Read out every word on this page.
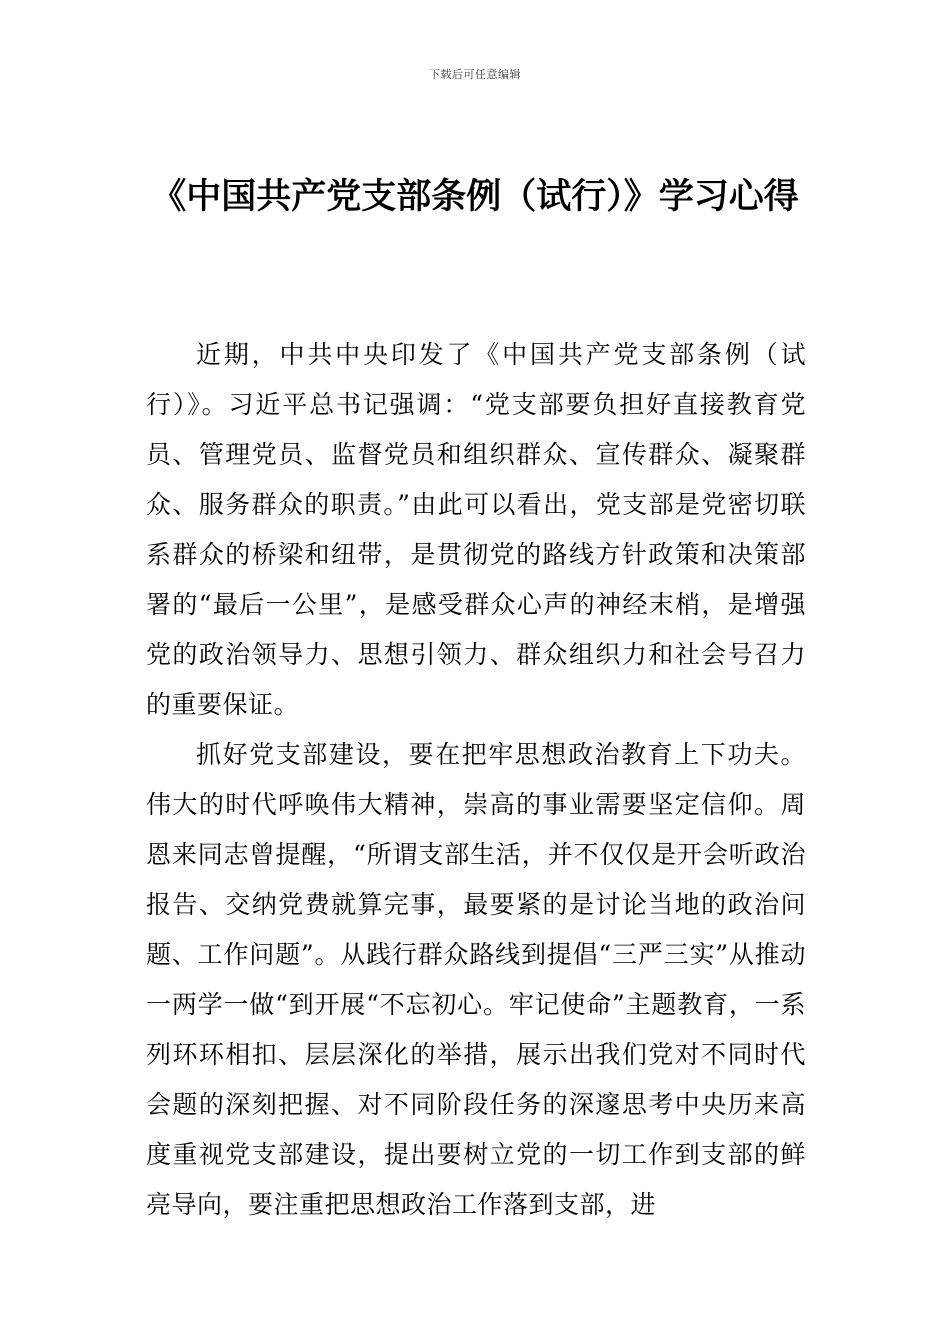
下载后可任意编辑
《中国共产党支部条例（试行）》学习心得

近期，中共中央印发了《中国共产党支部条例（试行）》。习近平总书记强调：“党支部要负担好直接教育党员、管理党员、监督党员和组织群众、宣传群众、凝聚群众、服务群众的职责。”由此可以看出，党支部是党密切联系群众的桥梁和纽带，是贯彻党的路线方针政策和决策部署的“最后一公里”，是感受群众心声的神经末梢，是增强党的政治领导力、思想引领力、群众组织力和社会号召力的重要保证。

抓好党支部建设，要在把牢思想政治教育上下功夫。伟大的时代呼唤伟大精神，崇高的事业需要坚定信仰。周恩来同志曾提醒，“所谓支部生活，并不仅仅是开会听政治报告、交纳党费就算完事，最要紧的是讨论当地的政治问题、工作问题”。从践行群众路线到提倡“三严三实”从推动一两学一做“到开展“不忘初心。牢记使命”主题教育，一系列环环相扣、层层深化的举措，展示出我们党对不同时代会题的深刻把握、对不同阶段任务的深邃思考中央历来高度重视党支部建设，提出要树立党的一切工作到支部的鲜亮导向，要注重把思想政治工作落到支部，进
